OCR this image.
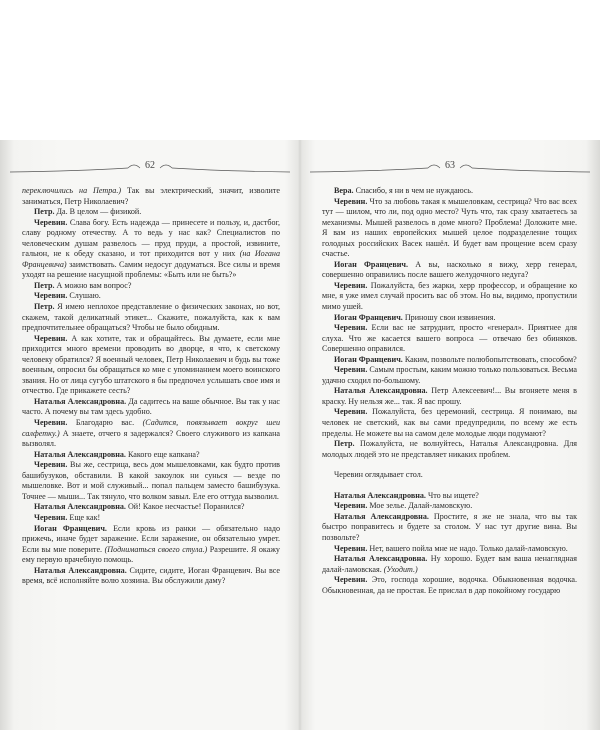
62

переключились на Петра.) Так вы электрический, значит, изволите заниматься, Петр Николаевич?

Петр. Да. В целом — физикой.

Черевин. Слава богу. Есть надежда — принесете и пользу, и, дастбог, славу родному отечеству. А то ведь у нас как? Специалистов по человеческим душам развелось — пруд пруди, а простой, извините, гальюн, не к обеду сказано, и тот приходится вот у них (на Иогана Францевича) заимствовать. Самим недосуг додуматься. Все силы и время уходят на решение насущной проблемы: «Быть или не быть?»

Петр. А можно вам вопрос?

Черевин. Слушаю.

Петр. Я имею неплохое представление о физических законах, но вот, скажем, такой деликатный этикет... Скажите, пожалуйста, как к вам предпочтительнее обращаться? Чтобы не было обидным.

Черевин. А как хотите, так и обращайтесь. Вы думаете, если мне приходится много времени проводить во дворце, я что, к светскому человеку обратился? Я военный человек, Петр Николаевич и будь вы тоже военным, опросил бы обращаться ко мне с упоминанием моего воинского звания. Но от лица сугубо штатского я бы предпочел услышать свое имя и отчество. Где прикажете сесть?

Наталья Александровна. Да садитесь на ваше обычное. Вы так у нас часто. А почему вы там здесь удобно.

Черевин. Благодарю вас. (Садится, повязывает вокруг шеи салфетку.) А знаете, отчего я задержался? Своего служивого из капкана вызволял.

Наталья Александровна. Какого еще капкана?

Черевин. Вы же, сестрица, весь дом мышеловками, как будто против башибузуков, обставили. В какой закоулок ни сунься — везде по мышеловке. Вот и мой служивый... попал пальцем заместо башибузука. Точнее — мыши... Так тянуло, что волком завыл. Еле его оттуда вызволил.

Наталья Александровна. Ой! Какое несчастье! Поранился?

Черевин. Еще как!

Иоган Францевич. Если кровь из ранки — обязательно надо прижечь, иначе будет заражение. Если заражение, он обязательно умрет. Если вы мне поверите. (Подниматься своего стула.) Разрешите. Я окажу ему первую врачебную помощь.

Наталья Александровна. Сидите, сидите, Иоган Францевич. Вы все время, всё исполняйте волю хозяина. Вы обслужили даму?

63

Вера. Спасибо, я ни в чем не нуждаюсь.

Черевин. Что за любовь такая к мышеловкам, сестрица? Что вас всех тут — шилом, что ли, под одно место? Чуть что, так сразу хватаетесь за механизмы. Мышей развелось в доме много? Проблема! Доложите мне. Я вам из наших европейских мышей целое подразделение тощих голодных российских Васек нашёл. И будет вам прощение всем сразу счастье.

Иоган Францевич. А вы, насколько я вижу, херр генерал, совершенно оправились после вашего желудочного недуга?

Черевин. Пожалуйста, без жарки, херр профессор, и обращение ко мне, я уже имел случай просить вас об этом. Но вы, видимо, пропустили мимо ушей.

Иоган Францевич. Приношу свои извинения.

Черевин. Если вас не затруднит, просто «генерал». Приятнее для слуха. Что же касается вашего вопроса — отвечаю без обиняков. Совершенно оправился.

Иоган Францевич. Каким, позвольте полюбопытствовать, способом?

Черевин. Самым простым, каким можно только пользоваться. Весьма удачно сходил по-большому.

Наталья Александровна. Петр Алексеевич!... Вы вгоняете меня в краску. Ну нельзя же... так. Я вас прошу.

Черевин. Пожалуйста, без церемоний, сестрица. Я понимаю, вы человек не светский, как вы сами предупредили, по всему же есть пределы. Не можете вы на самом деле молодые люди подумают?

Петр. Пожалуйста, не волнуйтесь, Наталья Александровна. Для молодых людей это не представляет никаких проблем.

Черевин оглядывает стол.

Наталья Александровна. Что вы ищете?

Черевин. Мое зелье. Далай-ламовскую.

Наталья Александровна. Простите, я же не знала, что вы так быстро поправитесь и будете за столом. У нас тут другие вина. Вы позвольте?

Черевин. Нет, вашего пойла мне не надо. Только далай-ламовскую.

Наталья Александровна. Ну хорошо. Будет вам ваша ненаглядная далай-ламовская. (Уходит.)

Черевин. Это, господа хорошие, водочка. Обыкновенная водочка. Обыкновенная, да не простая. Ее прислал в дар покойному государю
